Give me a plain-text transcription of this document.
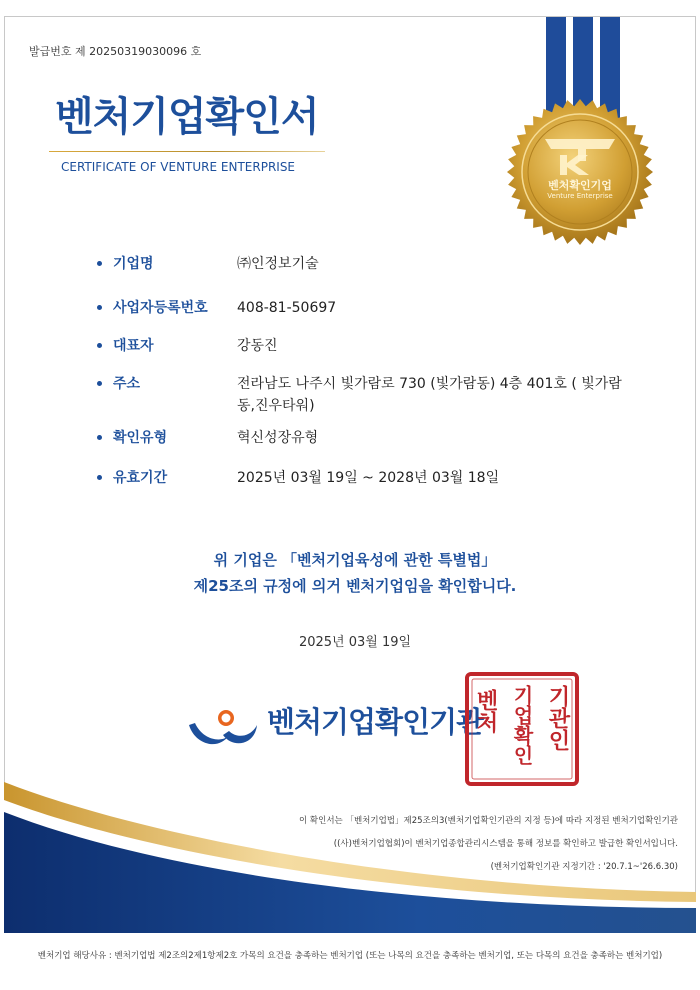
발급번호 제 20250319030096 호
벤처기업확인서
CERTIFICATE OF VENTURE ENTERPRISE
벤처확인기업
Venture Enterprise
기업명	㈜인정보기술
사업자등록번호 408-81-50697
대표자	강동진
주소	전라남도 나주시 빛가람로 730 (빛가람동) 4층 401호 ( 빛가람동,진우타워)
확인유형	혁신성장유형
유효기간	2025년 03월 19일 ~ 2028년 03월 18일
위 기업은 「벤처기업육성에 관한 특별법」
제25조의 규정에 의거 벤처기업임을 확인합니다.
2025년 03월 19일
벤처기업확인기관
벤처 기업확인 기관인
이 확인서는 「벤처기업법」제25조의3(벤처기업확인기관의 지정 등)에 따라 지정된 벤처기업확인기관
((사)벤처기업협회)이 벤처기업종합관리시스템을 통해 정보를 확인하고 발급한 확인서입니다.
(벤처기업확인기관 지정기간 : '20.7.1~'26.6.30)
벤처기업 해당사유 : 벤처기업법 제2조의2제1항제2호 가목의 요건을 충족하는 벤처기업 (또는 나목의 요건을 충족하는 벤처기업, 또는 다목의 요건을 충족하는 벤처기업)
